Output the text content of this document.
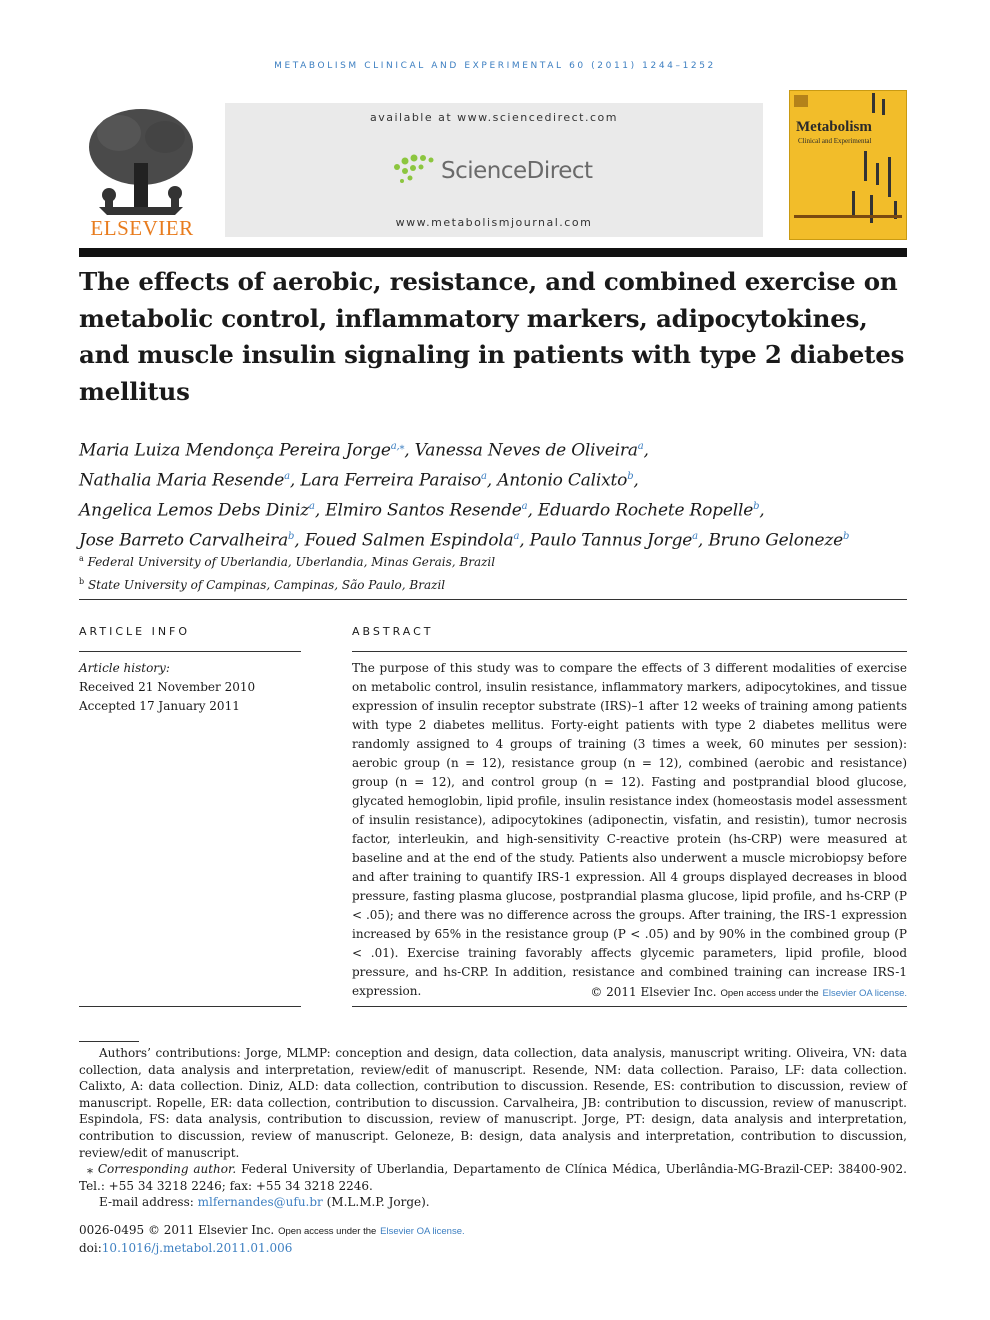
METABOLISM CLINICAL AND EXPERIMENTAL 60 (2011) 1244–1252
ELSEVIER
available at www.sciencedirect.com
ScienceDirect
www.metabolismjournal.com
Metabolism
Clinical and Experimental
The effects of aerobic, resistance, and combined exercise on metabolic control, inflammatory markers, adipocytokines, and muscle insulin signaling in patients with type 2 diabetes mellitus
Maria Luiza Mendonça Pereira Jorge$^{a,⁎}$, Vanessa Neves de Oliveira$^a$,
Nathalia Maria Resende$^a$, Lara Ferreira Paraiso$^a$, Antonio Calixto$^b$,
Angelica Lemos Debs Diniz$^a$, Elmiro Santos Resende$^a$, Eduardo Rochete Ropelle$^b$,
Jose Barreto Carvalheira$^b$, Foued Salmen Espindola$^a$, Paulo Tannus Jorge$^a$, Bruno Geloneze$^b$
$^a$ Federal University of Uberlandia, Uberlandia, Minas Gerais, Brazil
$^b$ State University of Campinas, Campinas, São Paulo, Brazil
ARTICLE INFO	ABSTRACT
Article history:
Received 21 November 2010
Accepted 17 January 2011

The purpose of this study was to compare the effects of 3 different modalities of exercise on metabolic control, insulin resistance, inflammatory markers, adipocytokines, and tissue expression of insulin receptor substrate (IRS)–1 after 12 weeks of training among patients with type 2 diabetes mellitus. Forty-eight patients with type 2 diabetes mellitus were randomly assigned to 4 groups of training (3 times a week, 60 minutes per session): aerobic group (n = 12), resistance group (n = 12), combined (aerobic and resistance) group (n = 12), and control group (n = 12). Fasting and postprandial blood glucose, glycated hemoglobin, lipid profile, insulin resistance index (homeostasis model assessment of insulin resistance), adipocytokines (adiponectin, visfatin, and resistin), tumor necrosis factor, interleukin, and high-sensitivity C-reactive protein (hs-CRP) were measured at baseline and at the end of the study. Patients also underwent a muscle microbiopsy before and after training to quantify IRS-1 expression. All 4 groups displayed decreases in blood pressure, fasting plasma glucose, postprandial plasma glucose, lipid profile, and hs-CRP (P < .05); and there was no difference across the groups. After training, the IRS-1 expression increased by 65% in the resistance group (P < .05) and by 90% in the combined group (P < .01). Exercise training favorably affects glycemic parameters, lipid profile, blood pressure, and hs-CRP. In addition, resistance and combined training can increase IRS-1 expression.	© 2011 Elsevier Inc. Open access under the Elsevier OA license.

Authors’ contributions: Jorge, MLMP: conception and design, data collection, data analysis, manuscript writing. Oliveira, VN: data collection, data analysis and interpretation, review/edit of manuscript. Resende, NM: data collection. Paraiso, LF: data collection. Calixto, A: data collection. Diniz, ALD: data collection, contribution to discussion. Resende, ES: contribution to discussion, review of manuscript. Ropelle, ER: data collection, contribution to discussion. Carvalheira, JB: contribution to discussion, review of manuscript. Espindola, FS: data analysis, contribution to discussion, review of manuscript. Jorge, PT: design, data analysis and interpretation, contribution to discussion, review of manuscript. Geloneze, B: design, data analysis and interpretation, contribution to discussion, review/edit of manuscript.

⁎ Corresponding author. Federal University of Uberlandia, Departamento de Clínica Médica, Uberlândia-MG-Brazil-CEP: 38400-902. Tel.: +55 34 3218 2246; fax: +55 34 3218 2246.

E-mail address: mlfernandes@ufu.br (M.L.M.P. Jorge).

0026-0495 © 2011 Elsevier Inc. Open access under the Elsevier OA license.

doi:10.1016/j.metabol.2011.01.006
